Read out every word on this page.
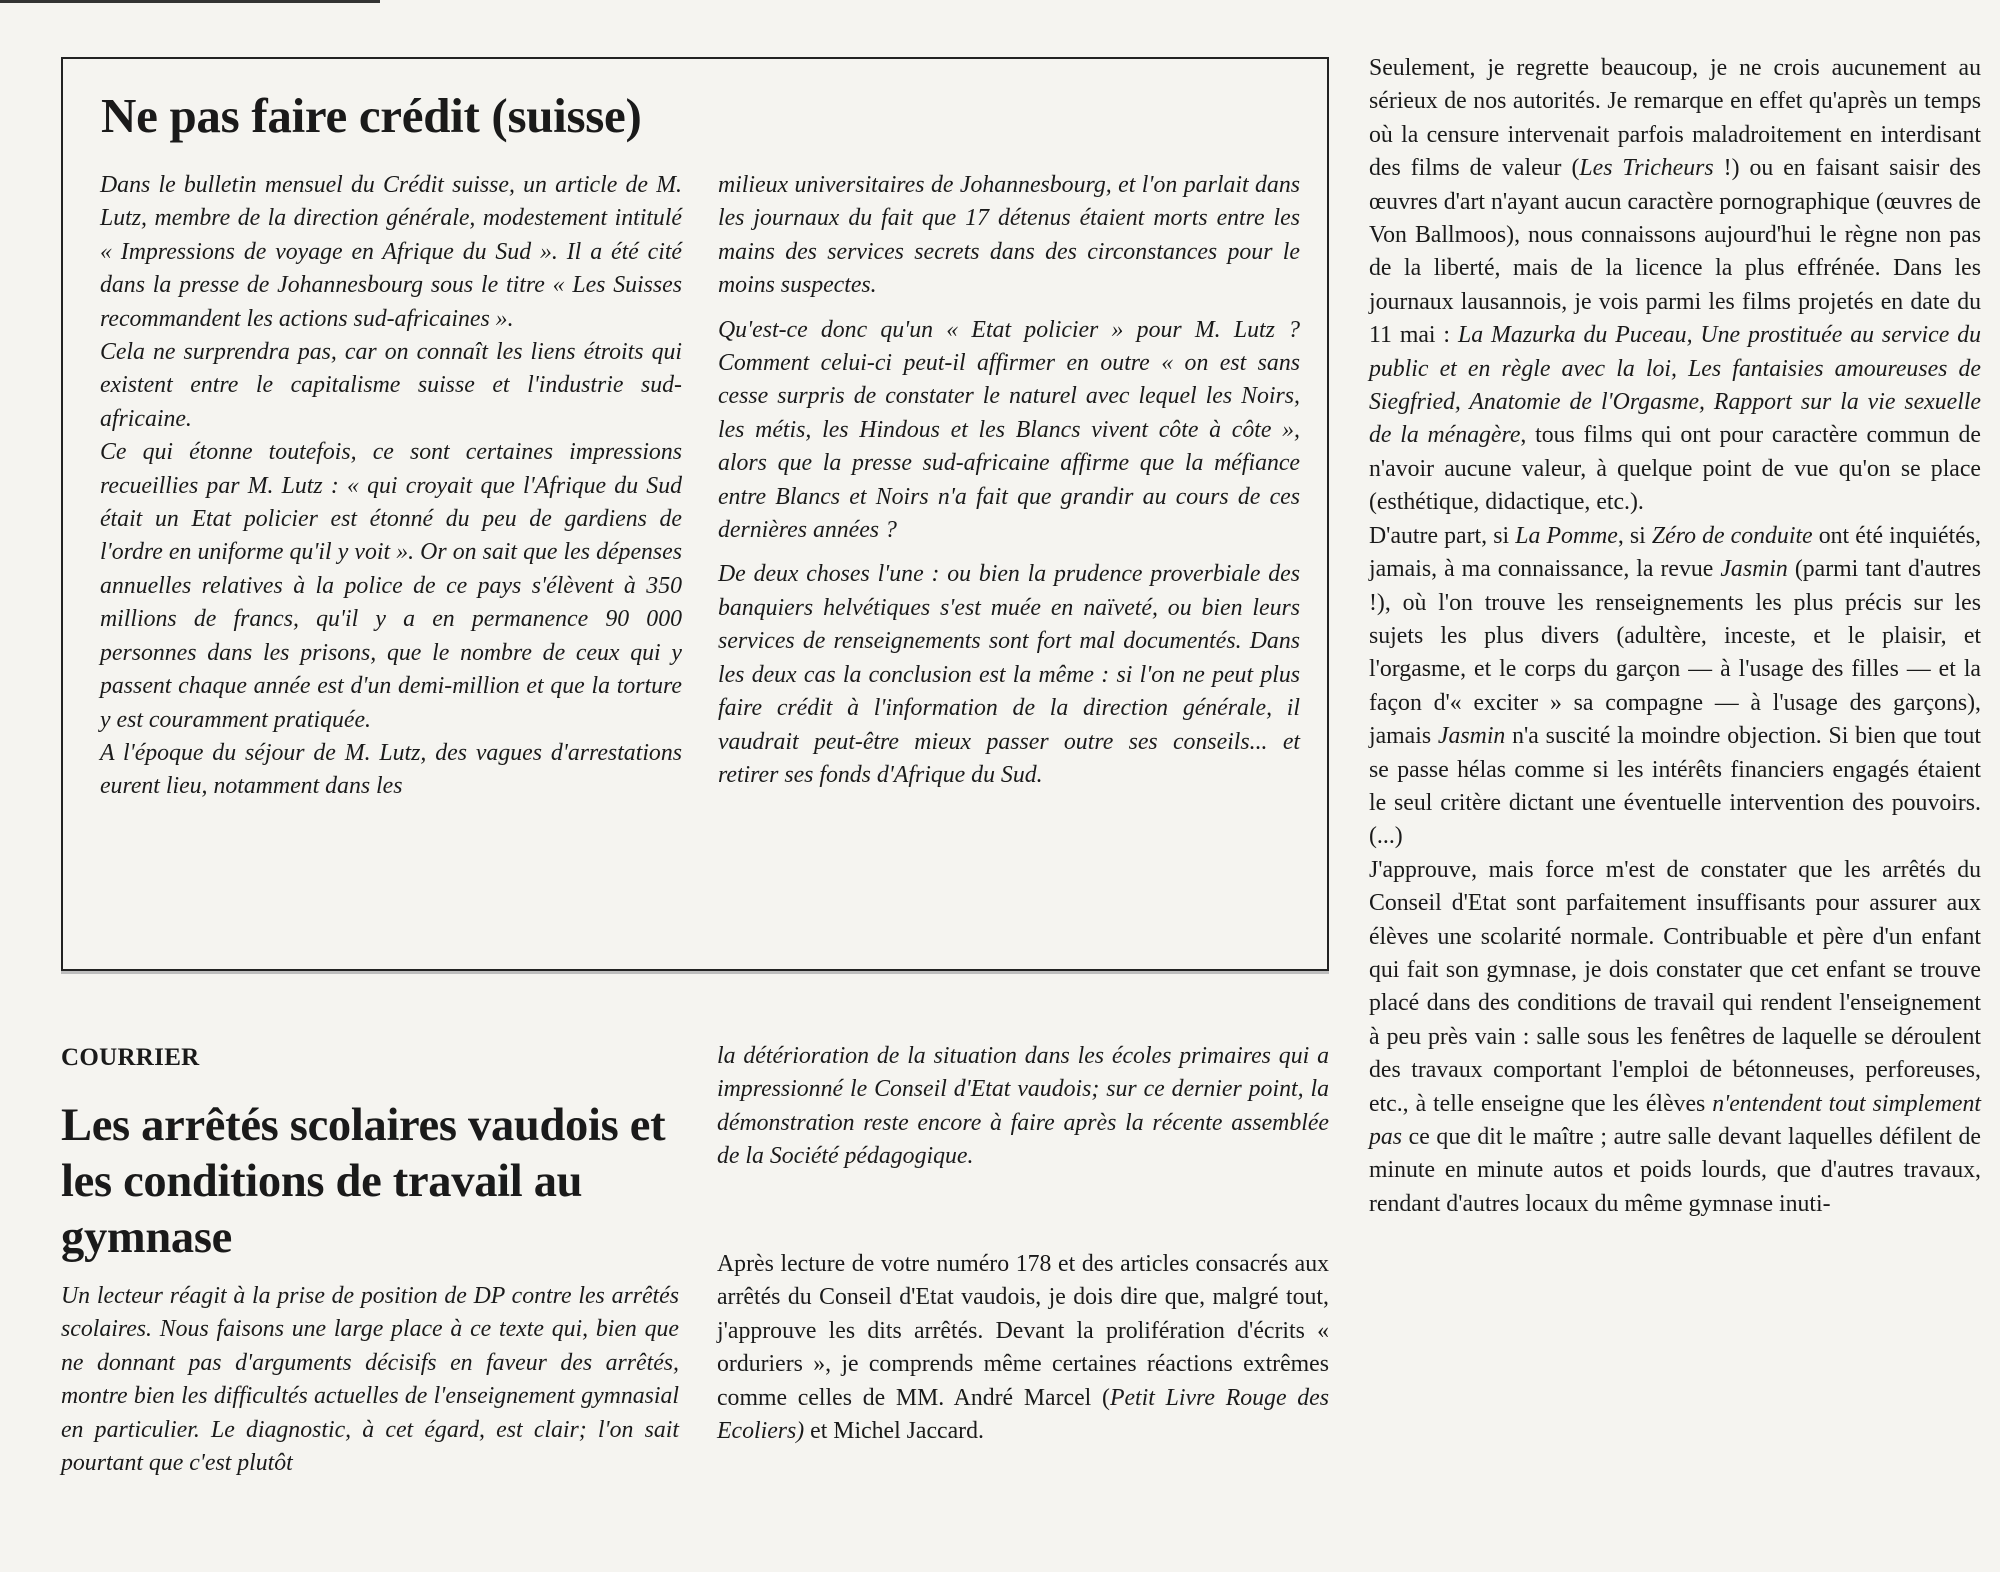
Ne pas faire crédit (suisse)

Dans le bulletin mensuel du Crédit suisse, un article de M. Lutz, membre de la direction générale, modestement intitulé « Impressions de voyage en Afrique du Sud ». Il a été cité dans la presse de Johannesbourg sous le titre « Les Suisses recommandent les actions sud-africaines ».

Cela ne surprendra pas, car on connaît les liens étroits qui existent entre le capitalisme suisse et l'industrie sud-africaine.

Ce qui étonne toutefois, ce sont certaines impressions recueillies par M. Lutz : « qui croyait que l'Afrique du Sud était un Etat policier est étonné du peu de gardiens de l'ordre en uniforme qu'il y voit ». Or on sait que les dépenses annuelles relatives à la police de ce pays s'élèvent à 350 millions de francs, qu'il y a en permanence 90 000 personnes dans les prisons, que le nombre de ceux qui y passent chaque année est d'un demi-million et que la torture y est couramment pratiquée.

A l'époque du séjour de M. Lutz, des vagues d'arrestations eurent lieu, notamment dans les

milieux universitaires de Johannesbourg, et l'on parlait dans les journaux du fait que 17 détenus étaient morts entre les mains des services secrets dans des circonstances pour le moins suspectes.

Qu'est-ce donc qu'un « Etat policier » pour M. Lutz ? Comment celui-ci peut-il affirmer en outre « on est sans cesse surpris de constater le naturel avec lequel les Noirs, les métis, les Hindous et les Blancs vivent côte à côte », alors que la presse sud-africaine affirme que la méfiance entre Blancs et Noirs n'a fait que grandir au cours de ces dernières années ?

De deux choses l'une : ou bien la prudence proverbiale des banquiers helvétiques s'est muée en naïveté, ou bien leurs services de renseignements sont fort mal documentés. Dans les deux cas la conclusion est la même : si l'on ne peut plus faire crédit à l'information de la direction générale, il vaudrait peut-être mieux passer outre ses conseils... et retirer ses fonds d'Afrique du Sud.

COURRIER
Les arrêtés scolaires vaudois et les conditions de travail au gymnase

Un lecteur réagit à la prise de position de DP contre les arrêtés scolaires. Nous faisons une large place à ce texte qui, bien que ne donnant pas d'arguments décisifs en faveur des arrêtés, montre bien les difficultés actuelles de l'enseignement gymnasial en particulier. Le diagnostic, à cet égard, est clair; l'on sait pourtant que c'est plutôt

la détérioration de la situation dans les écoles primaires qui a impressionné le Conseil d'Etat vaudois; sur ce dernier point, la démonstration reste encore à faire après la récente assemblée de la Société pédagogique.

Après lecture de votre numéro 178 et des articles consacrés aux arrêtés du Conseil d'Etat vaudois, je dois dire que, malgré tout, j'approuve les dits arrêtés. Devant la prolifération d'écrits « orduriers », je comprends même certaines réactions extrêmes comme celles de MM. André Marcel (Petit Livre Rouge des Ecoliers) et Michel Jaccard.

Seulement, je regrette beaucoup, je ne crois aucunement au sérieux de nos autorités. Je remarque en effet qu'après un temps où la censure intervenait parfois maladroitement en interdisant des films de valeur (Les Tricheurs !) ou en faisant saisir des œuvres d'art n'ayant aucun caractère pornographique (œuvres de Von Ballmoos), nous connaissons aujourd'hui le règne non pas de la liberté, mais de la licence la plus effrénée. Dans les journaux lausannois, je vois parmi les films projetés en date du 11 mai : La Mazurka du Puceau, Une prostituée au service du public et en règle avec la loi, Les fantaisies amoureuses de Siegfried, Anatomie de l'Orgasme, Rapport sur la vie sexuelle de la ménagère, tous films qui ont pour caractère commun de n'avoir aucune valeur, à quelque point de vue qu'on se place (esthétique, didactique, etc.).

D'autre part, si La Pomme, si Zéro de conduite ont été inquiétés, jamais, à ma connaissance, la revue Jasmin (parmi tant d'autres !), où l'on trouve les renseignements les plus précis sur les sujets les plus divers (adultère, inceste, et le plaisir, et l'orgasme, et le corps du garçon — à l'usage des filles — et la façon d'« exciter » sa compagne — à l'usage des garçons), jamais Jasmin n'a suscité la moindre objection. Si bien que tout se passe hélas comme si les intérêts financiers engagés étaient le seul critère dictant une éventuelle intervention des pouvoirs. (...)

J'approuve, mais force m'est de constater que les arrêtés du Conseil d'Etat sont parfaitement insuffisants pour assurer aux élèves une scolarité normale. Contribuable et père d'un enfant qui fait son gymnase, je dois constater que cet enfant se trouve placé dans des conditions de travail qui rendent l'enseignement à peu près vain : salle sous les fenêtres de laquelle se déroulent des travaux comportant l'emploi de bétonneuses, perforeuses, etc., à telle enseigne que les élèves n'entendent tout simplement pas ce que dit le maître ; autre salle devant laquelles défilent de minute en minute autos et poids lourds, que d'autres travaux, rendant d'autres locaux du même gymnase inuti-
